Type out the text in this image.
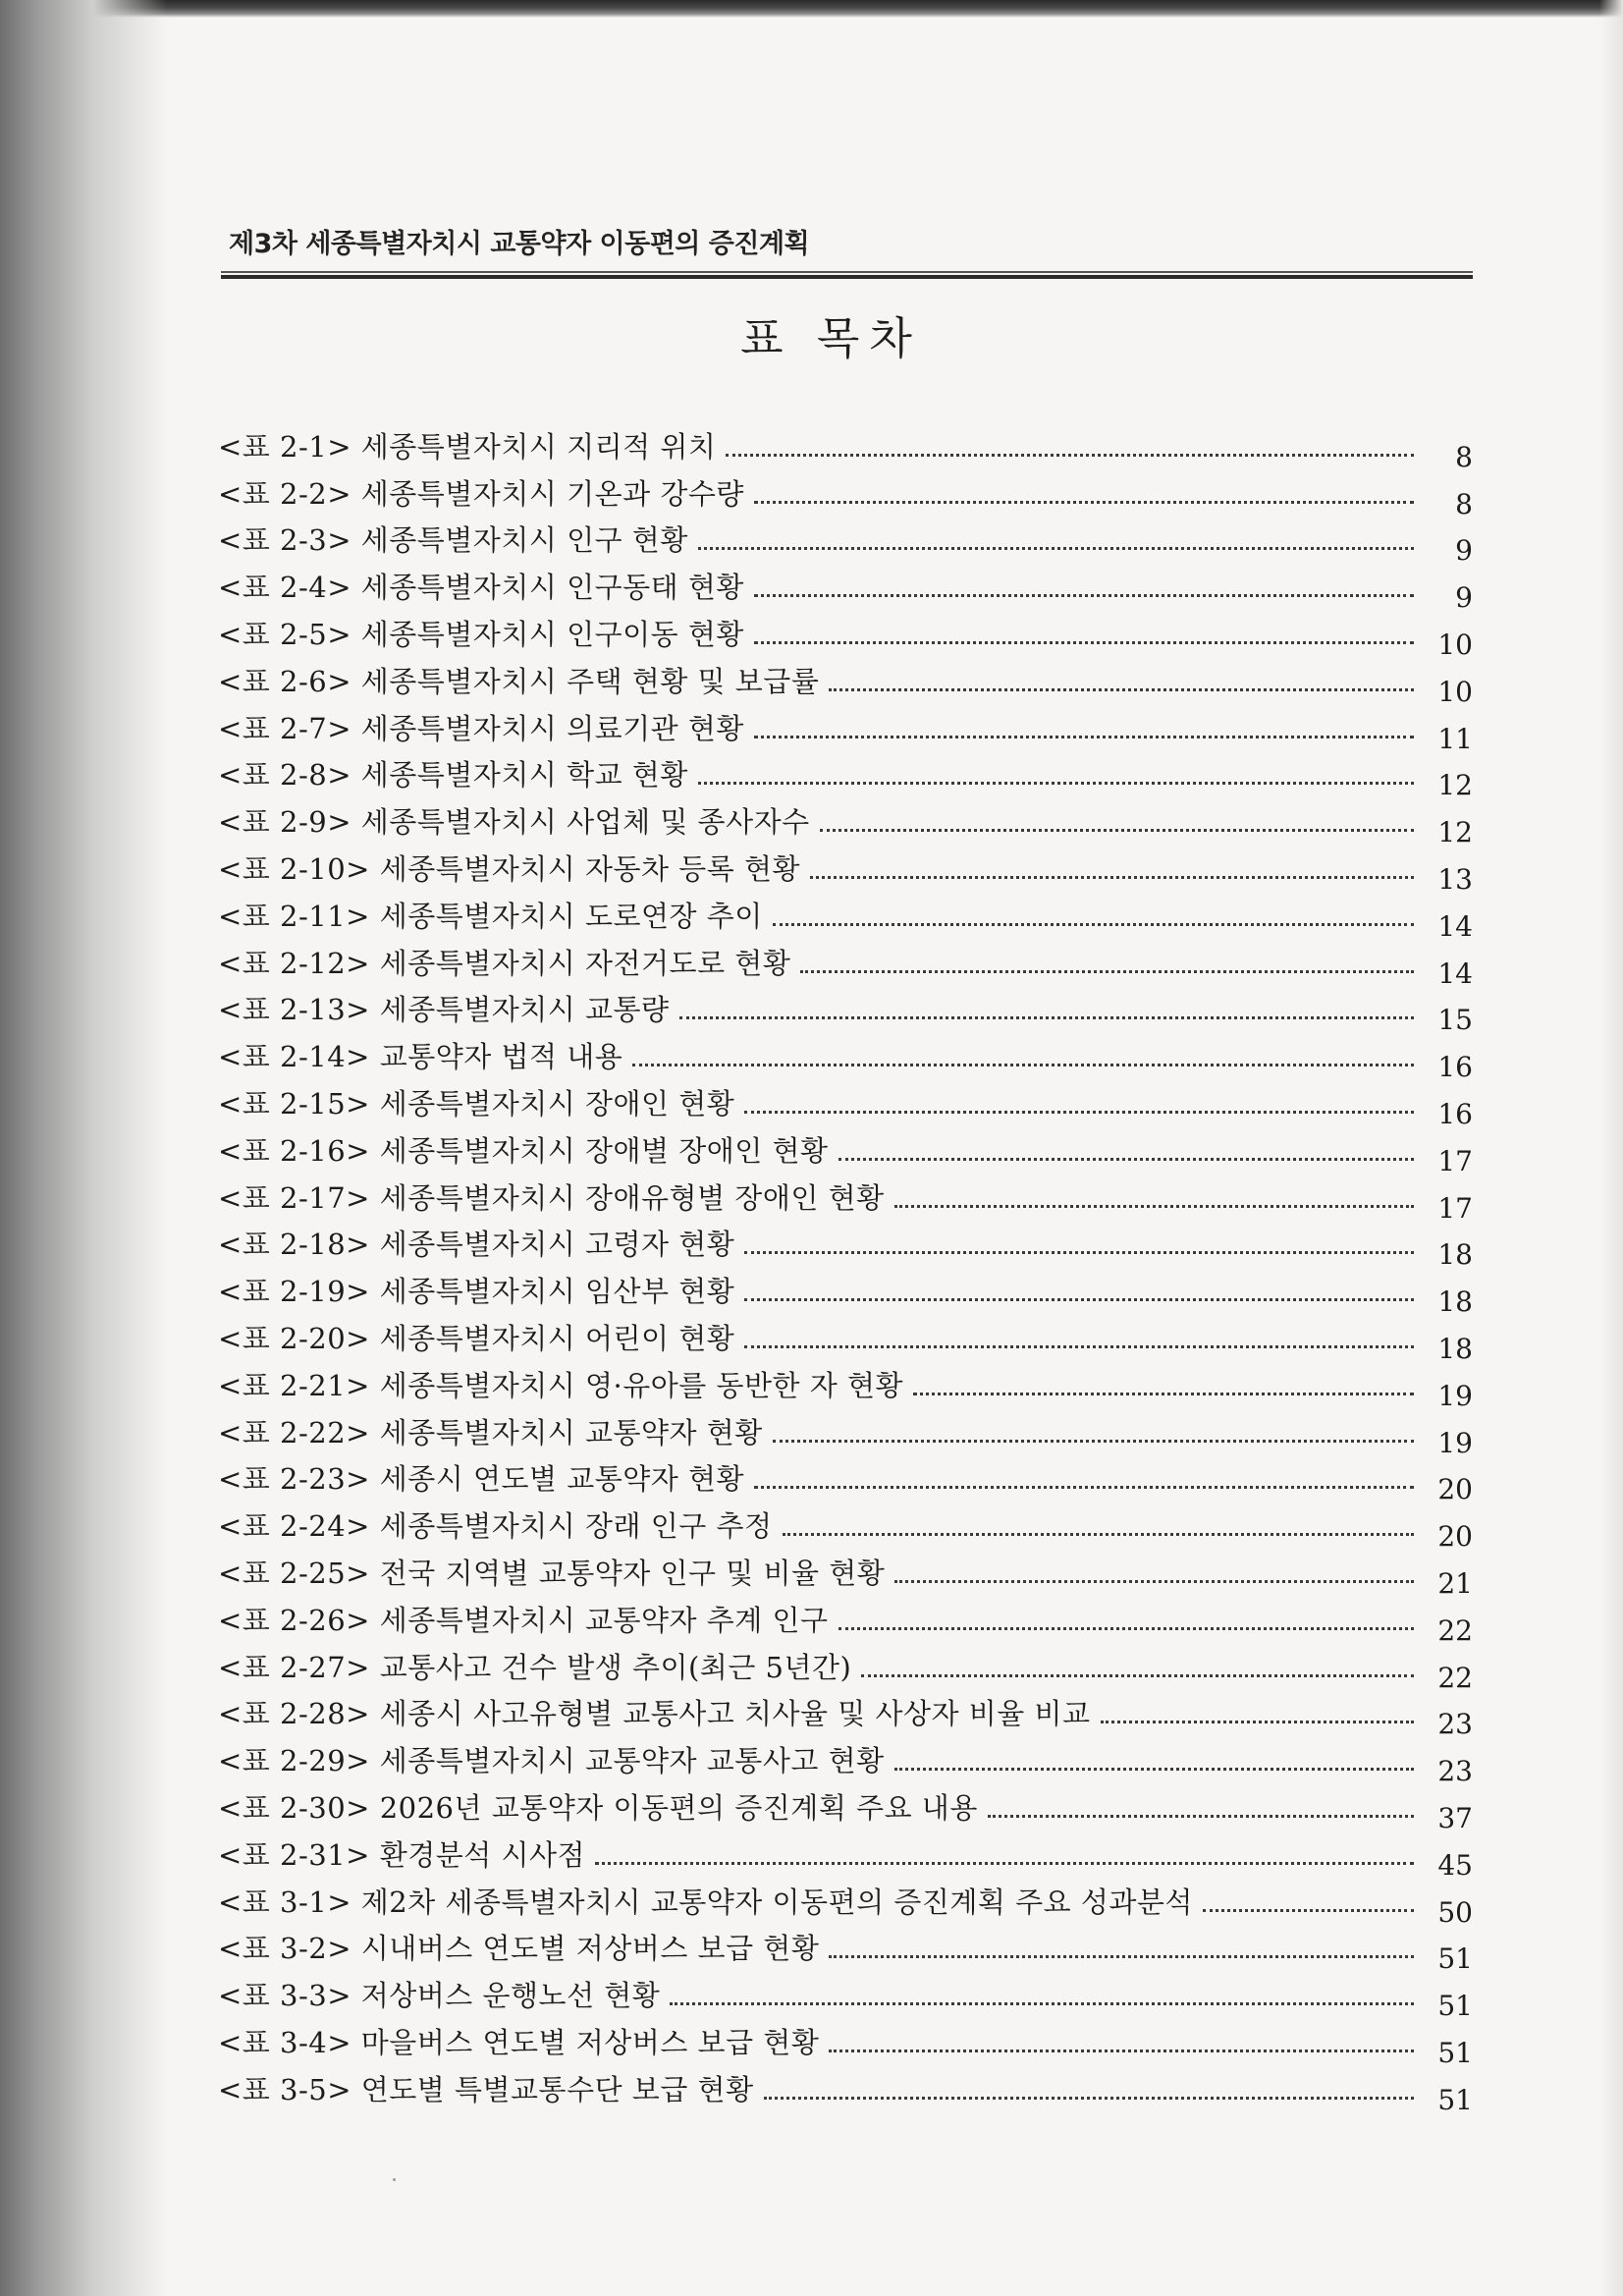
제3차 세종특별자치시 교통약자 이동편의 증진계획
표 목차
<표 2-1> 세종특별자치시 지리적 위치	8
<표 2-2> 세종특별자치시 기온과 강수량	8
<표 2-3> 세종특별자치시 인구 현황	9
<표 2-4> 세종특별자치시 인구동태 현황	9
<표 2-5> 세종특별자치시 인구이동 현황	10
<표 2-6> 세종특별자치시 주택 현황 및 보급률	10
<표 2-7> 세종특별자치시 의료기관 현황	11
<표 2-8> 세종특별자치시 학교 현황	12
<표 2-9> 세종특별자치시 사업체 및 종사자수	12
<표 2-10> 세종특별자치시 자동차 등록 현황	13
<표 2-11> 세종특별자치시 도로연장 추이	14
<표 2-12> 세종특별자치시 자전거도로 현황	14
<표 2-13> 세종특별자치시 교통량	15
<표 2-14> 교통약자 법적 내용	16
<표 2-15> 세종특별자치시 장애인 현황	16
<표 2-16> 세종특별자치시 장애별 장애인 현황	17
<표 2-17> 세종특별자치시 장애유형별 장애인 현황	17
<표 2-18> 세종특별자치시 고령자 현황	18
<표 2-19> 세종특별자치시 임산부 현황	18
<표 2-20> 세종특별자치시 어린이 현황	18
<표 2-21> 세종특별자치시 영·유아를 동반한 자 현황	19
<표 2-22> 세종특별자치시 교통약자 현황	19
<표 2-23> 세종시 연도별 교통약자 현황	20
<표 2-24> 세종특별자치시 장래 인구 추정	20
<표 2-25> 전국 지역별 교통약자 인구 및 비율 현황	21
<표 2-26> 세종특별자치시 교통약자 추계 인구	22
<표 2-27> 교통사고 건수 발생 추이(최근 5년간)	22
<표 2-28> 세종시 사고유형별 교통사고 치사율 및 사상자 비율 비교	23
<표 2-29> 세종특별자치시 교통약자 교통사고 현황	23
<표 2-30> 2026년 교통약자 이동편의 증진계획 주요 내용	37
<표 2-31> 환경분석 시사점	45
<표 3-1> 제2차 세종특별자치시 교통약자 이동편의 증진계획 주요 성과분석	50
<표 3-2> 시내버스 연도별 저상버스 보급 현황	51
<표 3-3> 저상버스 운행노선 현황	51
<표 3-4> 마을버스 연도별 저상버스 보급 현황	51
<표 3-5> 연도별 특별교통수단 보급 현황	51
